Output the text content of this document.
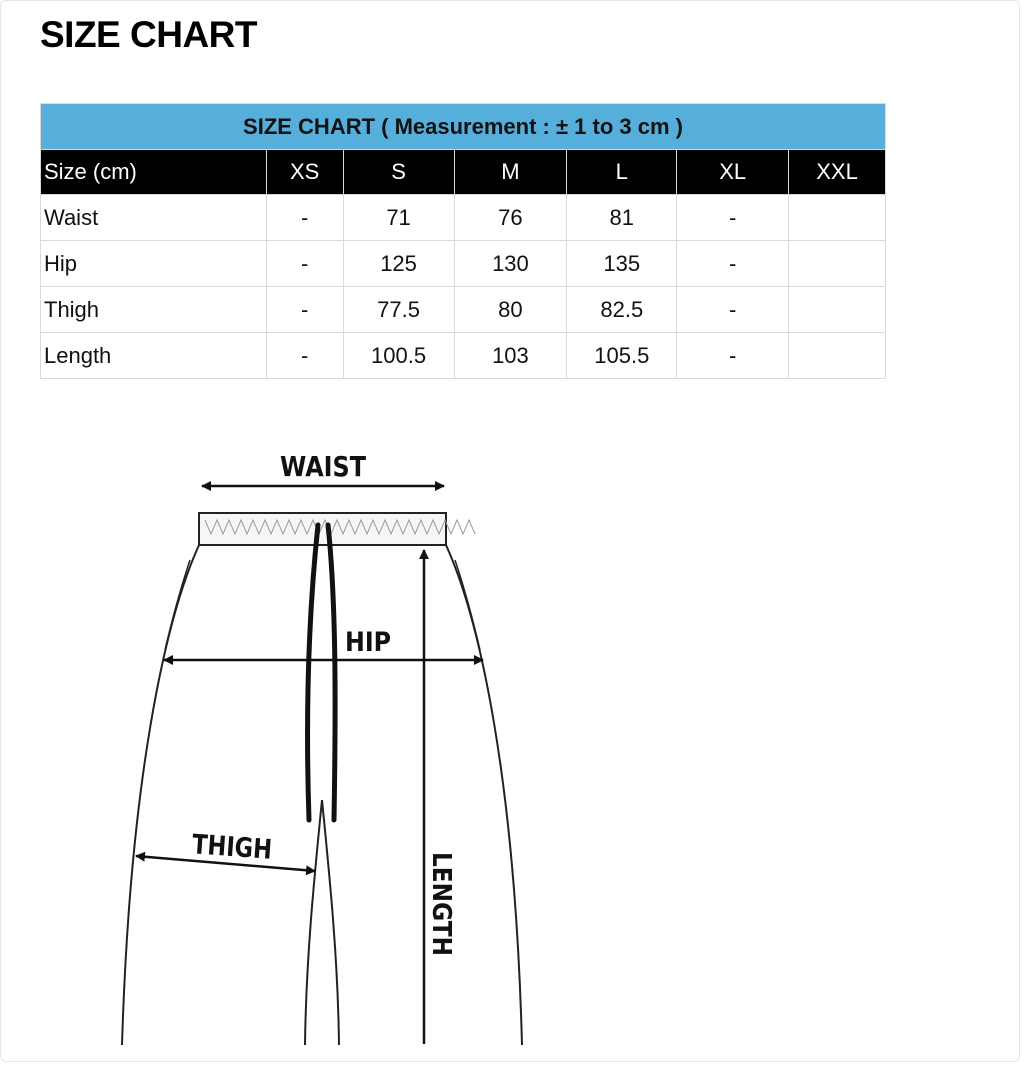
SIZE CHART
SIZE CHART ( Measurement : ± 1 to 3 cm )						
Size (cm)	XS	S	M	L	XL	XXL
Waist	-	71	76	81	-	
Hip	-	125	130	135	-	
Thigh	-	77.5	80	82.5	-	
Length	-	100.5	103	105.5	-	
WAIST
HIP
THIGH
LENGTH
